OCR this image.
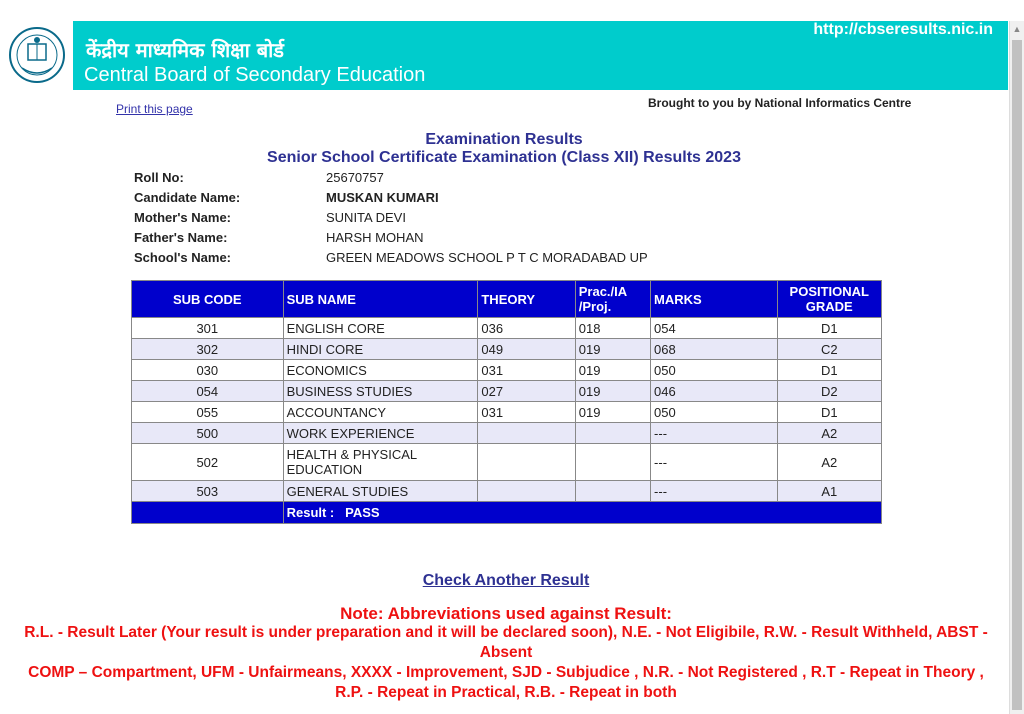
केंद्रीय माध्यमिक शिक्षा बोर्ड
Central Board of Secondary Education
http://cbseresults.nic.in ▲
Print this page	Brought to you by National Informatics Centre
Examination Results
Senior School Certificate Examination (Class XII) Results 2023
Roll No:	25670757
Candidate Name:	MUSKAN KUMARI
Mother's Name:	SUNITA DEVI
Father's Name:	HARSH MOHAN
School's Name:	GREEN MEADOWS SCHOOL P T C MORADABAD UP
SUB CODE	SUB NAME	THEORY	Prac./IA /Proj.	MARKS	POSITIONAL GRADE
301	ENGLISH CORE	036	018	054	D1
302	HINDI CORE	049	019	068	C2
030	ECONOMICS	031	019	050	D1
054	BUSINESS STUDIES	027	019	046	D2
055	ACCOUNTANCY	031	019	050	D1
500	WORK EXPERIENCE			---	A2
502	HEALTH & PHYSICAL EDUCATION			---	A2
503	GENERAL STUDIES			---	A1
	Result : PASS				
Check Another Result
Note: Abbreviations used against Result:
R.L. - Result Later (Your result is under preparation and it will be declared soon), N.E. - Not Eligibile, R.W. - Result Withheld, ABST -
Absent
COMP – Compartment, UFM - Unfairmeans, XXXX - Improvement, SJD - Subjudice , N.R. - Not Registered , R.T - Repeat in Theory ,
R.P. - Repeat in Practical, R.B. - Repeat in both
